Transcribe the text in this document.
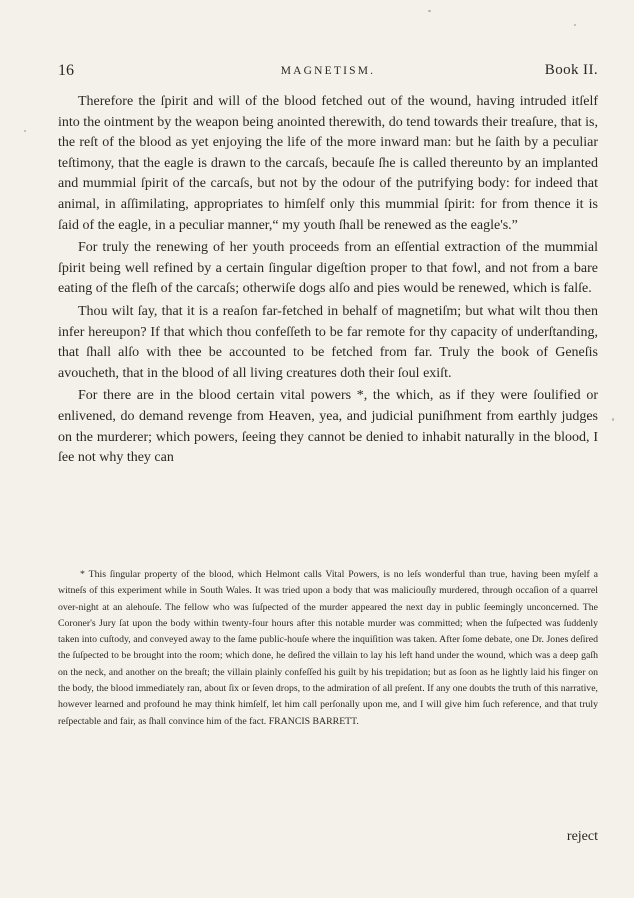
16	MAGNETISM.	Book II.

Therefore the ſpirit and will of the blood fetched out of the wound, having intruded itſelf into the ointment by the weapon being anointed therewith, do tend towards their treaſure, that is, the reſt of the blood as yet enjoying the life of the more inward man: but he ſaith by a peculiar teſtimony, that the eagle is drawn to the carcaſs, becauſe ſhe is called thereunto by an implanted and mummial ſpirit of the carcaſs, but not by the odour of the putrifying body: for indeed that animal, in aſſimilating, appropriates to himſelf only this mummial ſpirit: for from thence it is ſaid of the eagle, in a peculiar manner,“ my youth ſhall be renewed as the eagle's.”

For truly the renewing of her youth proceeds from an eſſential extraction of the mummial ſpirit being well refined by a certain ſingular digeſtion proper to that fowl, and not from a bare eating of the fleſh of the carcaſs; otherwiſe dogs alſo and pies would be renewed, which is falſe.

Thou wilt ſay, that it is a reaſon far-fetched in behalf of magnetiſm; but what wilt thou then infer hereupon? If that which thou confeſſeth to be far remote for thy capacity of underſtanding, that ſhall alſo with thee be accounted to be fetched from far. Truly the book of Geneſis avoucheth, that in the blood of all living creatures doth their ſoul exiſt.

For there are in the blood certain vital powers *, the which, as if they were ſoulified or enlivened, do demand revenge from Heaven, yea, and judicial puniſhment from earthly judges on the murderer; which powers, ſeeing they cannot be denied to inhabit naturally in the blood, I ſee not why they can

* This ſingular property of the blood, which Helmont calls Vital Powers, is no leſs wonderful than true, having been myſelf a witneſs of this experiment while in South Wales. It was tried upon a body that was maliciouſly murdered, through occaſion of a quarrel over-night at an alehouſe. The fellow who was ſuſpected of the murder appeared the next day in public ſeemingly unconcerned. The Coroner's Jury ſat upon the body within twenty-four hours after this notable murder was committed; when the ſuſpected was ſuddenly taken into cuſtody, and conveyed away to the ſame public-houſe where the inquiſition was taken. After ſome debate, one Dr. Jones deſired the ſuſpected to be brought into the room; which done, he deſired the villain to lay his left hand under the wound, which was a deep gaſh on the neck, and another on the breaſt; the villain plainly confeſſed his guilt by his trepidation; but as ſoon as he lightly laid his finger on the body, the blood immediately ran, about ſix or ſeven drops, to the admiration of all preſent. If any one doubts the truth of this narrative, however learned and profound he may think himſelf, let him call perſonally upon me, and I will give him ſuch reference, and that truly reſpectable and fair, as ſhall convince him of the fact. FRANCIS BARRETT.

reject
